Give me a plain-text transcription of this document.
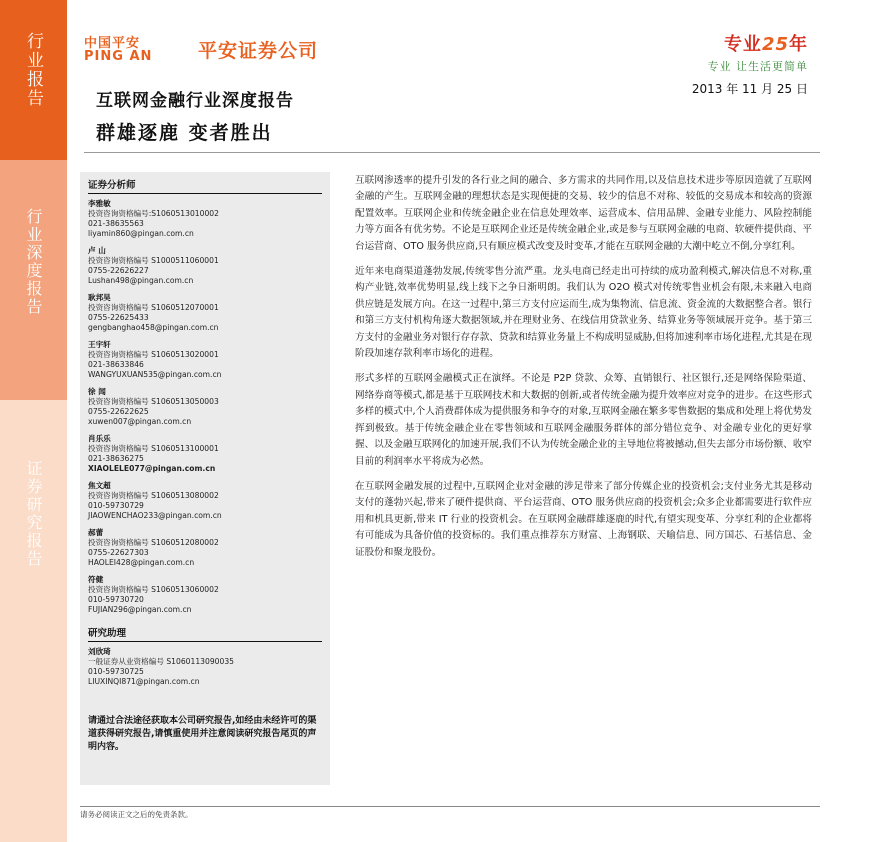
行业报告
行业深度报告
证券研究报告
中国平安
PING AN 平安证券公司	专业25年
专业 让生活更简单
2013 年 11 月 25 日
互联网金融行业深度报告
群雄逐鹿 变者胜出
证券分析师
李雅敏
投资咨询资格编号:S1060513010002
021-38635563
liyamin860@pingan.com.cn
卢 山
投资咨询资格编号 S1000511060001
0755-22626227
Lushan498@pingan.com.cn
耿邦昊
投资咨询资格编号 S1060512070001
0755-22625433
gengbanghao458@pingan.com.cn
王宇轩
投资咨询资格编号 S1060513020001
021-38633846
WANGYUXUAN535@pingan.com.cn
徐 闻
投资咨询资格编号 S1060513050003
0755-22622625
xuwen007@pingan.com.cn
肖乐乐
投资咨询资格编号 S1060513100001
021-38636275
XIAOLELE077@pingan.com.cn
焦文超
投资咨询资格编号 S1060513080002
010-59730729
JIAOWENCHAO233@pingan.com.cn
郝蕾
投资咨询资格编号 S1060512080002
0755-22627303
HAOLEI428@pingan.com.cn
符健
投资咨询资格编号 S1060513060002
010-59730720
FUJIAN296@pingan.com.cn
研究助理
刘欣琦
一般证券从业资格编号 S1060113090035
010-59730725
LIUXINQI871@pingan.com.cn
请通过合法途径获取本公司研究报告,如经由未经许可的渠道获得研究报告,请慎重使用并注意阅读研究报告尾页的声明内容。

互联网渗透率的提升引发的各行业之间的融合、多方需求的共同作用,以及信息技术进步等原因造就了互联网金融的产生。互联网金融的理想状态是实现便捷的交易、较少的信息不对称、较低的交易成本和较高的资源配置效率。互联网企业和传统金融企业在信息处理效率、运营成本、信用品牌、金融专业能力、风险控制能力等方面各有优劣势。不论是互联网企业还是传统金融企业,或是参与互联网金融的电商、软硬件提供商、平台运营商、OTO 服务供应商,只有顺应模式改变及时变革,才能在互联网金融的大潮中屹立不倒,分享红利。

近年来电商渠道蓬勃发展,传统零售分流严重。龙头电商已经走出可持续的成功盈利模式,解决信息不对称,重构产业链,效率优势明显,线上线下之争日渐明朗。我们认为 O2O 模式对传统零售业机会有限,未来融入电商供应链是发展方向。在这一过程中,第三方支付应运而生,成为集物流、信息流、资金流的大数据整合者。银行和第三方支付机构角逐大数据领域,并在理财业务、在线信用贷款业务、结算业务等领域展开竞争。基于第三方支付的金融业务对银行存存款、贷款和结算业务量上不构成明显威胁,但将加速利率市场化进程,尤其是在现阶段加速存款利率市场化的进程。

形式多样的互联网金融模式正在演绎。不论是 P2P 贷款、众筹、直销银行、社区银行,还是网络保险渠道、网络券商等模式,都是基于互联网技术和大数据的创新,或者传统金融为提升效率应对竞争的进步。在这些形式多样的模式中,个人消费群体成为提供服务和争夺的对象,互联网金融在繁多零售数据的集成和处理上将优势发挥到极致。基于传统金融企业在零售领域和互联网金融服务群体的部分错位竞争、对金融专业化的更好掌握、以及金融互联网化的加速开展,我们不认为传统金融企业的主导地位将被撼动,但失去部分市场份额、收窄目前的利润率水平将成为必然。

在互联网金融发展的过程中,互联网企业对金融的涉足带来了部分传媒企业的投资机会;支付业务尤其是移动支付的蓬勃兴起,带来了硬件提供商、平台运营商、OTO 服务供应商的投资机会;众多企业都需要进行软件应用和机具更新,带来 IT 行业的投资机会。在互联网金融群雄逐鹿的时代,有望实现变革、分享红利的企业都将有可能成为具备价值的投资标的。我们重点推荐东方财富、上海钢联、天喻信息、同方国芯、石基信息、金证股份和聚龙股份。

请务必阅读正文之后的免责条款。
